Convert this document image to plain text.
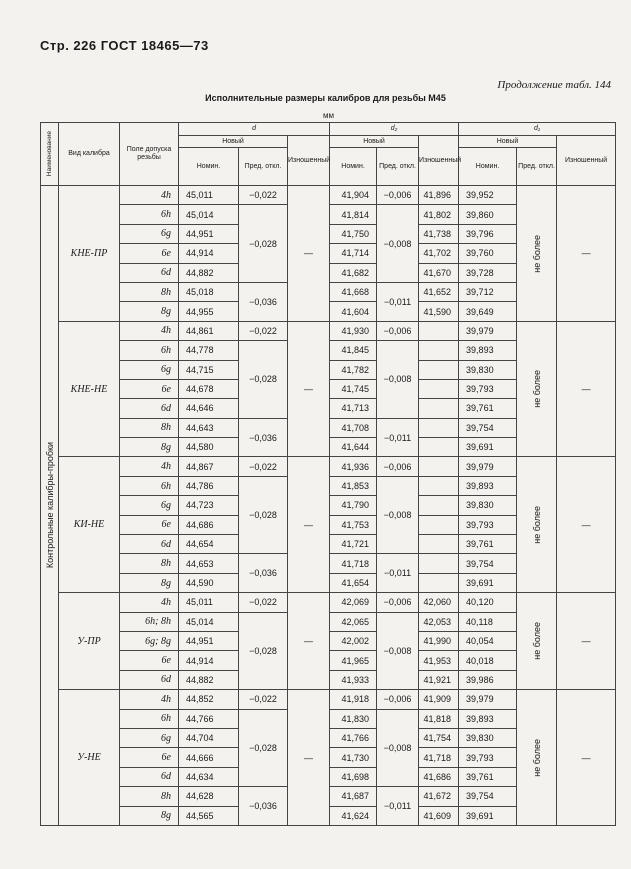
Стр. 226 ГОСТ 18465—73
Продолжение табл. 144
Исполнительные размеры калибров для резьбы М45
мм
Наименование	Вид калибра	Поле допуска резьбы	d			d₂			d₁		
			Новый		Изношенный	Новый		Изношенный	Новый		Изношенный
			Номин.	Пред. откл.		Номин.	Пред. откл.		Номин.	Пред. откл.	

Контрольные калибры-пробки	КНЕ-ПР	4h	45,011	−0,022	—	41,904	−0,006	41,896	39,952	не более	—
		6h	45,014	−0,028		41,814	−0,008	41,802	39,860		
		6g	44,951			41,750		41,738	39,796		
		6e	44,914			41,714		41,702	39,760		
		6d	44,882			41,682		41,670	39,728		
		8h	45,018	−0,036		41,668	−0,011	41,652	39,712		
		8g	44,955			41,604		41,590	39,649		
	КНЕ-НЕ	4h	44,861	−0,022	—	41,930	−0,006		39,979	не более	—
		6h	44,778	−0,028		41,845	−0,008		39,893		
		6g	44,715			41,782			39,830		
		6e	44,678			41,745			39,793		
		6d	44,646			41,713			39,761		
		8h	44,643	−0,036		41,708	−0,011		39,754		
		8g	44,580			41,644			39,691		
	КИ-НЕ	4h	44,867	−0,022	—	41,936	−0,006		39,979	не более	—
		6h	44,786	−0,028		41,853	−0,008		39,893		
		6g	44,723			41,790			39,830		
		6e	44,686			41,753			39,793		
		6d	44,654			41,721			39,761		
		8h	44,653	−0,036		41,718	−0,011		39,754		
		8g	44,590			41,654			39,691		
	У-ПР	4h	45,011	−0,022	—	42,069	−0,006	42,060	40,120	не более	—
		6h; 8h	45,014	−0,028		42,065	−0,008	42,053	40,118		
		6g; 8g	44,951			42,002		41,990	40,054		
		6e	44,914			41,965		41,953	40,018		
		6d	44,882			41,933		41,921	39,986		
	У-НЕ	4h	44,852	−0,022	—	41,918	−0,006	41,909	39,979	не более	—
		6h	44,766	−0,028		41,830	−0,008	41,818	39,893		
		6g	44,704			41,766		41,754	39,830		
		6e	44,666			41,730		41,718	39,793		
		6d	44,634			41,698		41,686	39,761		
		8h	44,628	−0,036		41,687	−0,011	41,672	39,754		
		8g	44,565			41,624		41,609	39,691		
